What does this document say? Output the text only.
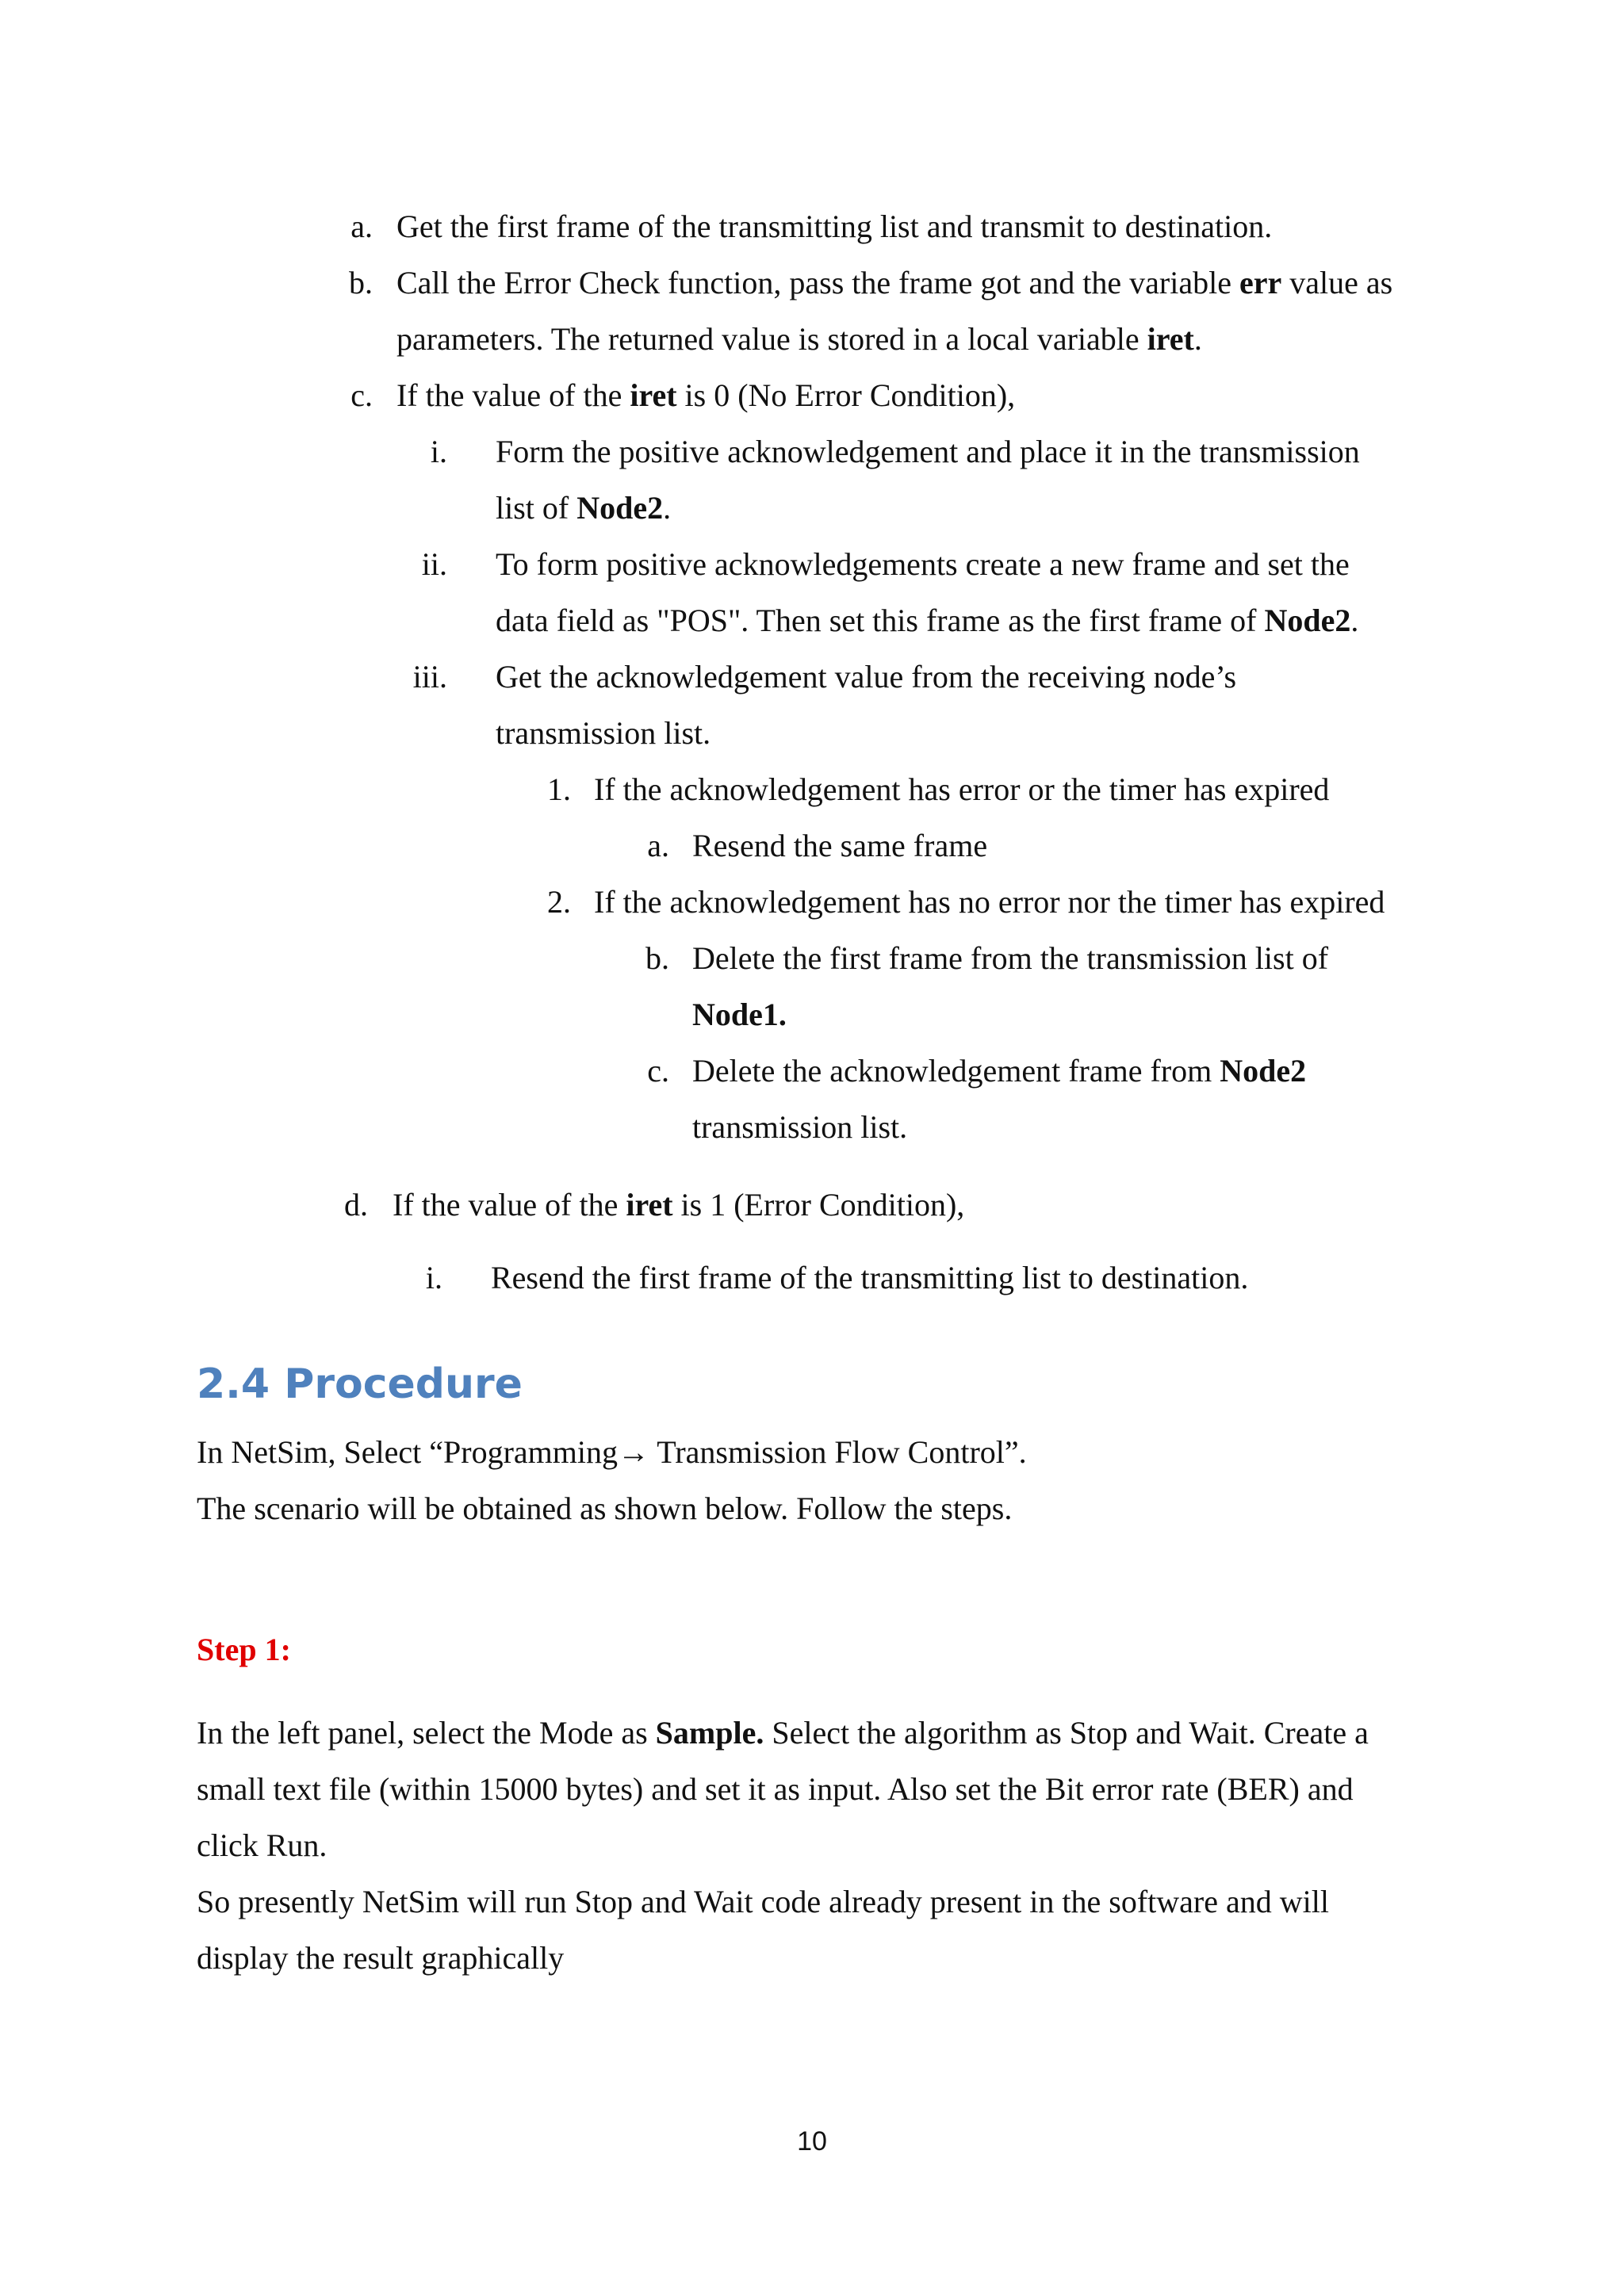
a. Get the first frame of the transmitting list and transmit to destination.
b. Call the Error Check function, pass the frame got and the variable err value as
parameters. The returned value is stored in a local variable iret.
c. If the value of the iret is 0 (No Error Condition),
i. Form the positive acknowledgement and place it in the transmission
list of Node2.
ii. To form positive acknowledgements create a new frame and set the
data field as "POS". Then set this frame as the first frame of Node2.
iii. Get the acknowledgement value from the receiving node’s
transmission list.
1. If the acknowledgement has error or the timer has expired
a. Resend the same frame
2. If the acknowledgement has no error nor the timer has expired
b. Delete the first frame from the transmission list of
Node1.
c. Delete the acknowledgement frame from Node2
transmission list.
d. If the value of the iret is 1 (Error Condition),
i. Resend the first frame of the transmitting list to destination.
2.4 Procedure
In NetSim, Select “Programming→ Transmission Flow Control”.
The scenario will be obtained as shown below. Follow the steps.
Step 1:
In the left panel, select the Mode as Sample. Select the algorithm as Stop and Wait. Create a
small text file (within 15000 bytes) and set it as input. Also set the Bit error rate (BER) and
click Run.
So presently NetSim will run Stop and Wait code already present in the software and will
display the result graphically
10
